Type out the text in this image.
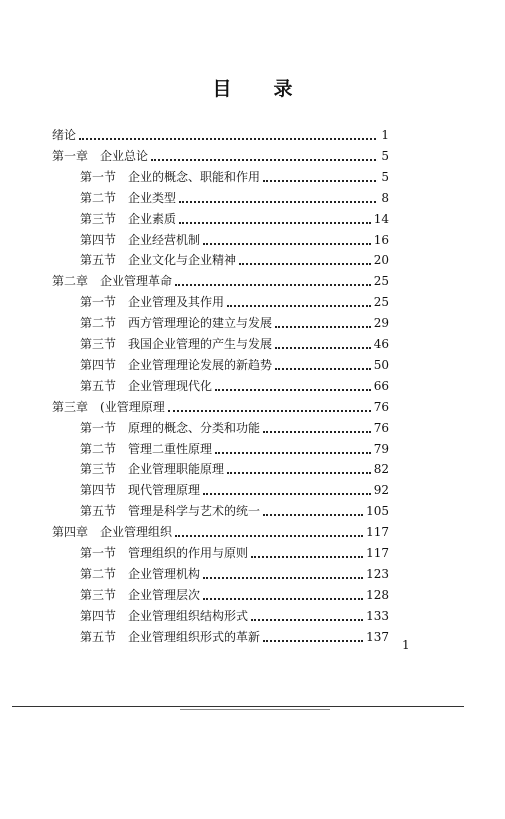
目 录
绪论	1
第一章 企业总论	5
第一节 企业的概念、职能和作用	5
第二节 企业类型	8
第三节 企业素质	14
第四节 企业经营机制	16
第五节 企业文化与企业精神	20
第二章 企业管理革命	25
第一节 企业管理及其作用	25
第二节 西方管理理论的建立与发展	29
第三节 我国企业管理的产生与发展	46
第四节 企业管理理论发展的新趋势	50
第五节 企业管理现代化	66
第三章 (业管理原理	76
第一节 原理的概念、分类和功能	76
第二节 管理二重性原理	79
第三节 企业管理职能原理	82
第四节 现代管理原理	92
第五节 管理是科学与艺术的统一	105
第四章 企业管理组织	117
第一节 管理组织的作用与原则	117
第二节 企业管理机构	123
第三节 企业管理层次	128
第四节 企业管理组织结构形式	133
第五节 企业管理组织形式的革新	137
1
